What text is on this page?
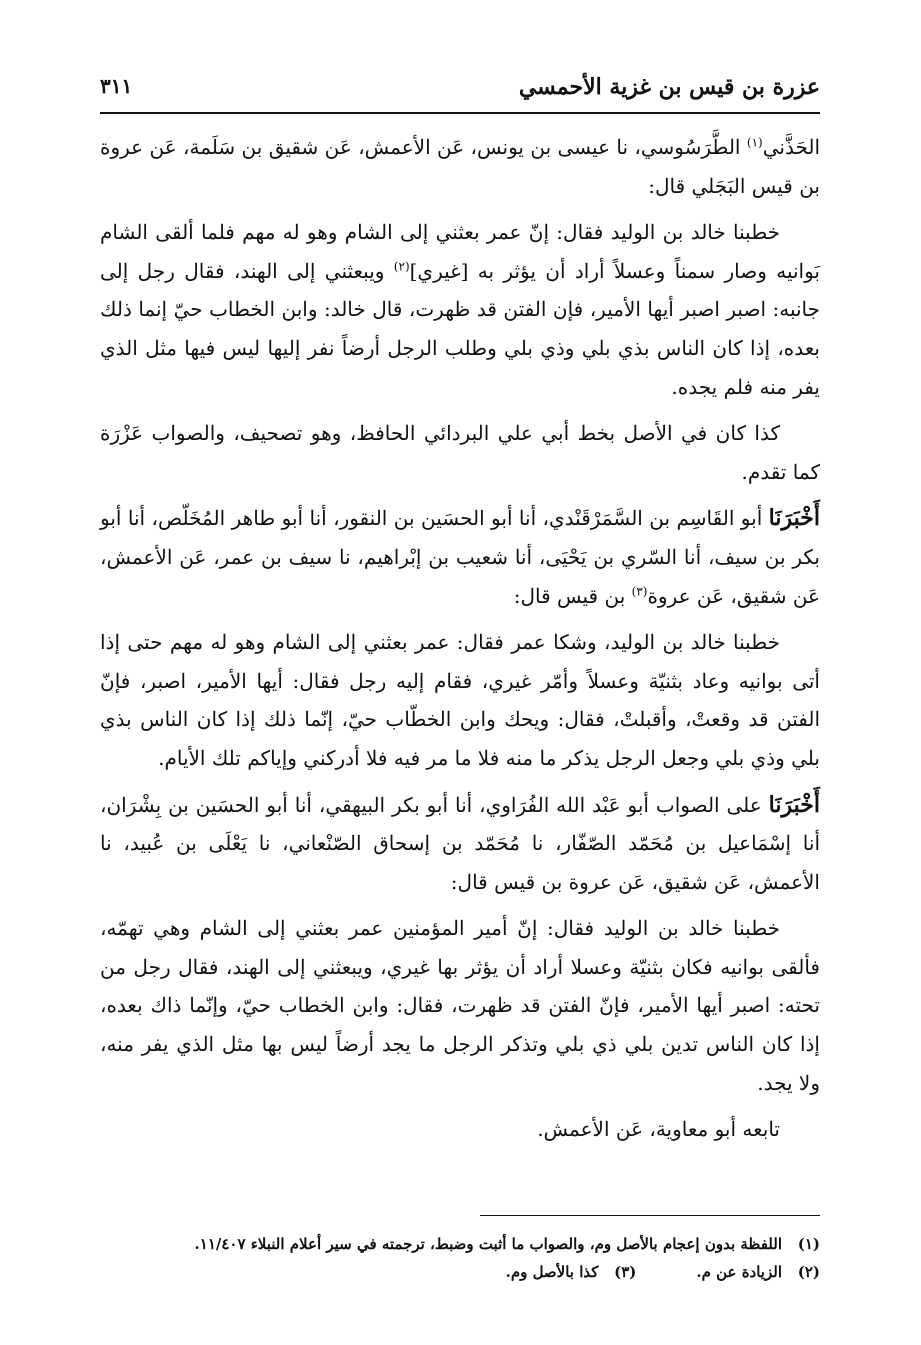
عزرة بن قيس بن غزية الأحمسي
٣١١

الحَذَّني$^{(١)}$ الطَّرَسُوسي، نا عيسى بن يونس، عَن الأعمش، عَن شقيق بن سَلَمة، عَن عروة بن قيس البَجَلي قال:

خطبنا خالد بن الوليد فقال: إنّ عمر بعثني إلى الشام وهو له مهم فلما ألقى الشام بَوانيه وصار سمناً وعسلاً أراد أن يؤثر به [غيري]$^{(٢)}$ ويبعثني إلى الهند، فقال رجل إلى جانبه: اصبر اصبر أيها الأمير، فإن الفتن قد ظهرت، قال خالد: وابن الخطاب حيّ إنما ذلك بعده، إذا كان الناس بذي بلي وذي بلي وطلب الرجل أرضاً نفر إليها ليس فيها مثل الذي يفر منه فلم يجده.

كذا كان في الأصل بخط أبي علي البردائي الحافظ، وهو تصحيف، والصواب عَزْرَة كما تقدم.

أَخْبَرَنَا أبو القَاسِم بن السَّمَرْقَنْدي، أنا أبو الحسَين بن النقور، أنا أبو طاهر المُخَلّص، أنا أبو بكر بن سيف، أنا السّري بن يَحْيَى، أنا شعيب بن إبْراهيم، نا سيف بن عمر، عَن الأعمش، عَن شقيق، عَن عروة$^{(٣)}$ بن قيس قال:

خطبنا خالد بن الوليد، وشكا عمر فقال: عمر بعثني إلى الشام وهو له مهم حتى إذا أتى بوانيه وعاد بثنيّة وعسلاً وأمّر غيري، فقام إليه رجل فقال: أيها الأمير، اصبر، فإنّ الفتن قد وقعتْ، وأقبلتْ، فقال: ويحك وابن الخطّاب حيّ، إنّما ذلك إذا كان الناس بذي بلي وذي بلي وجعل الرجل يذكر ما منه فلا ما مر فيه فلا أدركني وإياكم تلك الأيام.

أَخْبَرَنَا على الصواب أبو عَبْد الله الفُرَاوي، أنا أبو بكر البيهقي، أنا أبو الحسَين بن بِشْرَان، أنا إسْمَاعيل بن مُحَمّد الصّفّار، نا مُحَمّد بن إسحاق الصّنْعاني، نا يَعْلَى بن عُبيد، نا الأعمش، عَن شقيق، عَن عروة بن قيس قال:

خطبنا خالد بن الوليد فقال: إنّ أمير المؤمنين عمر بعثني إلى الشام وهي تهمّه، فألقى بوانيه فكان بثنيّة وعسلا أراد أن يؤثر بها غيري، ويبعثني إلى الهند، فقال رجل من تحته: اصبر أيها الأمير، فإنّ الفتن قد ظهرت، فقال: وابن الخطاب حيّ، وإنّما ذاك بعده، إذا كان الناس تدين بلي ذي بلي وتذكر الرجل ما يجد أرضاً ليس بها مثل الذي يفر منه، ولا يجد.

تابعه أبو معاوية، عَن الأعمش.

(١)اللفظة بدون إعجام بالأصل وم، والصواب ما أثبت وضبط، ترجمته في سير أعلام النبلاء ١١/٤٠٧.
(٢)الزيادة عن م.
(٣)كذا بالأصل وم.
